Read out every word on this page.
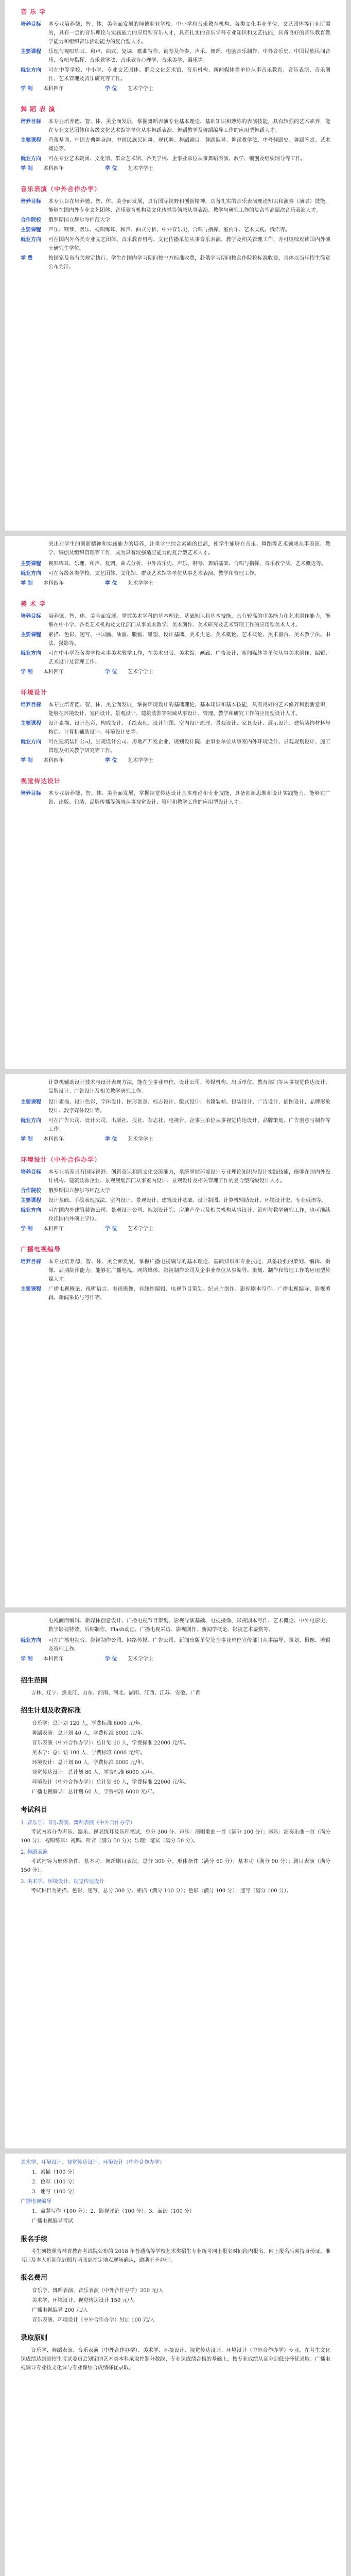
音 乐 学
培养目标	本专业培养德、智、体、美全面发展的师德职业学校、中小学和音乐教育机构、各类文化事业单位、文艺团体等行业所需的，具有一定的音乐理论与实践能力的应用型音乐人才，具有扎实的音乐学科专业知识和文艺技能，具备良好的音乐教育教学能力和组织音乐活动能力的复合型人才。
主要课程	乐理与视唱练耳、和声、曲式、复调、歌曲写作、钢琴及伴奏、声乐、舞蹈、电脑音乐制作、中外音乐史、中国民族民间音乐、合唱与指挥、音乐教学法、音乐教育心理学、音乐美学、器乐等。
就业方向	可在中等学校、中小学、专业文艺团体、群众文化艺术馆、音乐机构、新闻媒体等单位从事音乐教育、音乐表演、音乐创作、艺术管理及音乐研究等工作。
学 制	本科四年	学 位	艺术学学士
舞 蹈 表 演
培养目标	本专业培养德、智、体、美全面发展，掌握舞蹈表演专业基本理论、基础知识和熟练的表演技能，具有较强的艺术素养，能在专业文艺团体和各级文化艺术馆等单位从事舞蹈表演、舞蹈教学及舞蹈编导工作的应用型舞蹈人才。
主要课程	芭蕾基训、中国古典舞身韵、中国民族民间舞、现代舞、舞蹈剧目、舞蹈编导、舞蹈教学法、中外舞蹈史、舞蹈鉴赏、艺术概论等。
就业方向	可在专业艺术院团、文化馆、群众艺术馆、各类学校、企事业单位从事舞蹈表演、教学、编创及组织辅导等工作。
学 制	本科四年	学 位	艺术学学士
音乐表演（中外合作办学）
培养目标	本专业旨在培养德、智、体、美全面发展，具有国际视野和创新精神，具备扎实的音乐表演理论知识和演奏（演唱）技能，能够在国内外专业文艺团体、音乐教育机构及文化传播等领域从事表演、教学与研究工作的复合型高层次音乐表演人才。
合作院校	俄罗斯国立赫尔岑师范大学
主要课程	声乐、钢琴、器乐、视唱练耳、和声、曲式分析、中外音乐史、合唱与指挥、室内乐、艺术实践、俄语等。
就业方向	可在国内外各类专业文艺团体、音乐教育机构、文化传播单位从事音乐表演、教学及相关管理工作，亦可继续攻读国内外硕士研究生学位。
学 费	按国家及省有关规定执行。学生在国内学习期间按中方标准收费，赴俄学习期间按合作院校标准收费，具体以当年招生简章公布为准。

突出对学生的创新精神和实践能力的培养，注重学生综合素质的提高，使学生能够在音乐、舞蹈等艺术领域从事表演、教学、编创及组织管理等工作，成为具有较强适应能力的复合型艺术人才。

主要课程	视唱练耳、乐理、和声、复调、曲式分析、中外音乐史、声乐、钢琴、舞蹈基础、合唱与指挥、音乐教学法、艺术概论等。
就业方向	可在各级各类学校、文艺团体、文化馆、群众艺术馆等单位从事艺术表演、教学和管理工作。
学 制	本科四年	学 位	艺术学学士
美 术 学
培养目标	培养德、智、体、美全面发展，掌握美术学科的基本理论、基础知识和基本技能，具有较高的审美能力和艺术创作能力，能够在中小学、各类艺术机构及文化部门从事美术教学、美术创作、美术研究及艺术管理工作的应用型美术人才。
主要课程	素描、色彩、速写、中国画、油画、版画、雕塑、设计基础、美术史论、美术概论、艺术概论、美术鉴赏、美术教学法、书法、摄影等。
就业方向	可在中小学及各类学校从事美术教学工作，在美术出版、美术馆、画廊、广告设计、新闻媒体等单位从事美术创作、编辑、艺术设计及管理工作。
学 制	本科四年	学 位	艺术学学士
环境设计
培养目标	本专业培养德、智、体、美全面发展，掌握环境设计的基础理论、基本知识和基本技能，具有良好的艺术修养和创新意识，能够在环境设计、室内设计、景观设计、建筑装饰等领域从事设计、管理、教学和研究工作的应用型设计人才。
主要课程	设计素描、设计色彩、构成设计、手绘表现、设计制图、室内设计原理、景观设计、家具设计、展示设计、建筑装饰材料与构造、计算机辅助设计、环境设计史等。
就业方向	可在建筑装饰公司、景观设计公司、房地产开发企业、规划设计院、企事业单位从事室内外环境设计、景观规划设计、施工管理及相关教学研究等工作。
学 制	本科四年	学 位	艺术学学士
视觉传达设计
培养目标	本专业培养德、智、体、美全面发展，掌握视觉传达设计基本理论和专业技能，具备创新思维和设计实践能力，能够在广告、出版、包装、品牌传播等领域从事视觉设计、管理和教学工作的应用型设计人才。

计算机辅助设计技术与设计表现方法，能在企事业单位、设计公司、传媒机构、出版单位、教育部门等从事视觉传达设计、品牌设计、广告设计及相关教学研究工作。

主要课程	设计素描、设计色彩、字体设计、图形创意、标志设计、版式设计、书籍装帧、包装设计、广告设计、插图设计、品牌形象设计、数字媒体设计等。
就业方向	可在广告公司、设计公司、出版社、报社、杂志社、电视台、企事业单位从事视觉传达设计、品牌策划、广告创意与制作等工作。
学 制	本科四年	学 位	艺术学学士
环境设计（中外合作办学）
培养目标	本专业培养具有国际视野、创新意识和跨文化交流能力，系统掌握环境设计专业理论知识与设计实践技能，能够在国内外设计机构、建筑装饰企业、景观规划部门从事室内设计、景观设计及相关管理工作的复合型高级设计人才。
合作院校	俄罗斯国立赫尔岑师范大学
主要课程	设计基础、手绘表现技法、室内设计、景观设计、建筑设计基础、设计制图、计算机辅助设计、环境设计史、专业俄语等。
就业方向	可在国内外建筑装饰公司、景观设计公司、规划设计院、房地产企业及相关机构从事设计、管理与教学研究工作，也可继续攻读国内外硕士学位。
学 制	本科四年	学 位	艺术学学士
广播电视编导
培养目标	本专业培养德、智、体、美全面发展，掌握广播电视编导的基本理论、基础知识和专业技能，具备较强的策划、编辑、摄像、后期制作能力，能够在广播电视、网络媒体、影视制作公司及企事业单位从事编导、策划、制作和管理工作的应用型传媒人才。
主要课程	广播电视概论、视听语言、电视摄像、非线性编辑、电视节目策划、纪录片创作、影视剧本写作、广播电视编导、影视剪辑、新闻采访与写作等。

电视画面编辑、新媒体创意设计、广播电视节目策划、影视导演基础、电视摄像、影视剧本写作、艺术概论、中外电影史、数字影视特效、后期制作、Flash动画、广播电视采访、影视剧作、新闻学概论、影视艺术鉴赏等。

就业方向	可在广播电视台、影视制作公司、网络传媒、广告公司、新闻出版单位及企事业单位宣传部门从事编导、策划、摄像、剪辑及管理工作。
学 制	本科四年	学 位	艺术学学士
招生范围

吉林、辽宁、黑龙江、山东、河南、河北、湖南、江西、江苏、安徽、广西

招生计划及收费标准
音乐学：总计划 120 人，学费标准 6000 元/年。
舞蹈表演：总计划 40 人，学费标准 6000 元/年。
音乐表演（中外合作办学）：总计划 60 人，学费标准 22000 元/年。
美术学：总计划 100 人，学费标准 6000 元/年。
环境设计：总计划 80 人，学费标准 6000 元/年。
视觉传达设计：总计划 80 人，学费标准 6000 元/年。
环境设计（中外合作办学）：总计划 60 人，学费标准 22000 元/年。
广播电视编导：总计划 60 人，学费标准 6000 元/年。
考试科目
1. 音乐学、音乐表演、舞蹈表演（中外合作办学）

考试内容分为声乐、器乐、视唱练耳及乐理笔试，总分 300 分。声乐：演唱歌曲一首（满分 100 分）；器乐：演奏乐曲一首（满分 100 分）；视唱练耳：视唱、听音（满分 50 分）；乐理：笔试（满分 50 分）。

2. 舞蹈表演

考试内容为形体条件、基本功、舞蹈剧目表演，总分 300 分。形体条件（满分 60 分）；基本功（满分 90 分）；剧目表演（满分 150 分）。

3. 美术学、环境设计、视觉传达设计

考试科目为素描、色彩、速写，总分 300 分。素描（满分 100 分）；色彩（满分 100 分）；速写（满分 100 分）。

美术学、环境设计、视觉传达设计、环境设计（中外合作办学）
1．素描（100 分）
2．色彩（100 分）
3．速写（100 分）
广播电视编导
1．命题写作（100 分）；2．影视评论（100 分）；3．面试（100 分）
广播电视编导考试
报名手续

考生须按照吉林省教育考试院公布的 2018 年普通高等学校艺术类招生专业统考网上报名时间段内报名。网上报名后须持身份证、准考证及本人近期免冠照片两张到指定地点现场确认，逾期不予办理。

报名费用
音乐学、舞蹈表演、音乐表演（中外合作办学）200 元/人
美术学、环境设计、视觉传达设计 150 元/人
广播电视编导 200 元/人
音乐表演、环境设计（中外合作办学）另加 100 元/人
录取原则

音乐学、舞蹈表演、音乐表演（中外合作办学）、美术学、环境设计、视觉传达设计、环境设计（中外合作办学）专业，在考生文化课成绩达到省招生考试委员会划定的艺术类本科录取控制分数线、专业课成绩合格的基础上，按专业成绩从高分到低分择优录取；广播电视编导专业按文化课与专业课综合成绩择优录取。
